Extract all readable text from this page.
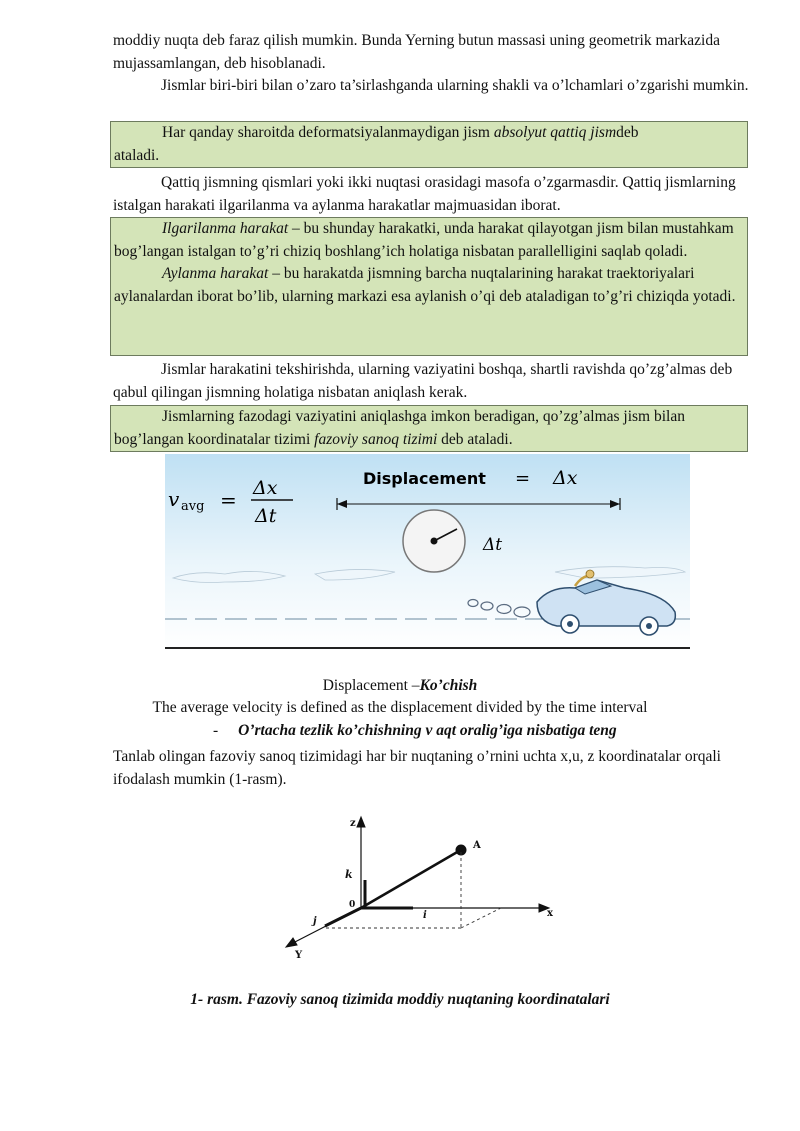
moddiy nuqta deb faraz qilish mumkin. Bunda Yerning butun massasi uning geometrik markazida mujassamlangan, deb hisoblanadi.

Jismlar biri-biri bilan o’zaro ta’sirlashganda ularning shakli va o’lchamlari o’zgarishi mumkin.

Har qanday sharoitda deformatsiyalanmaydigan jism absolyut qattiq jismdeb
ataladi.

Qattiq jismning qismlari yoki ikki nuqtasi orasidagi masofa o’zgarmasdir. Qattiq jismlarning istalgan harakati ilgarilanma va aylanma harakatlar majmuasidan iborat.

Ilgarilanma harakat – bu shunday harakatki, unda harakat qilayotgan jism bilan mustahkam bog’langan istalgan to’g’ri chiziq boshlang’ich holatiga nisbatan parallelligini saqlab qoladi.

Aylanma harakat – bu harakatda jismning barcha nuqtalarining harakat traektoriyalari aylanalardan iborat bo’lib, ularning markazi esa aylanish o’qi deb ataladigan to’g’ri chiziqda yotadi.

Jismlar harakatini tekshirishda, ularning vaziyatini boshqa, shartli ravishda qo’zg’almas deb qabul qilingan jismning holatiga nisbatan aniqlash kerak.

Jismlarning fazodagi vaziyatini aniqlashga imkon beradigan, qo’zg’almas jism bilan bog’langan koordinatalar tizimi fazoviy sanoq tizimi deb ataladi.

v avg = Δx
Δt
Displacement = Δx
Δt

Displacement –Ko’chish

The average velocity is defined as the displacement divided by the time interval

- O’rtacha tezlik ko’chishning v aqt oralig’iga nisbatiga teng

Tanlab olingan fazoviy sanoq tizimidagi har bir nuqtaning o’rnini uchta x,u, z koordinatalar orqali ifodalash mumkin (1-rasm).

z
x
Y
A
k
0
i
j

1- rasm. Fazoviy sanoq tizimida moddiy nuqtaning koordinatalari
